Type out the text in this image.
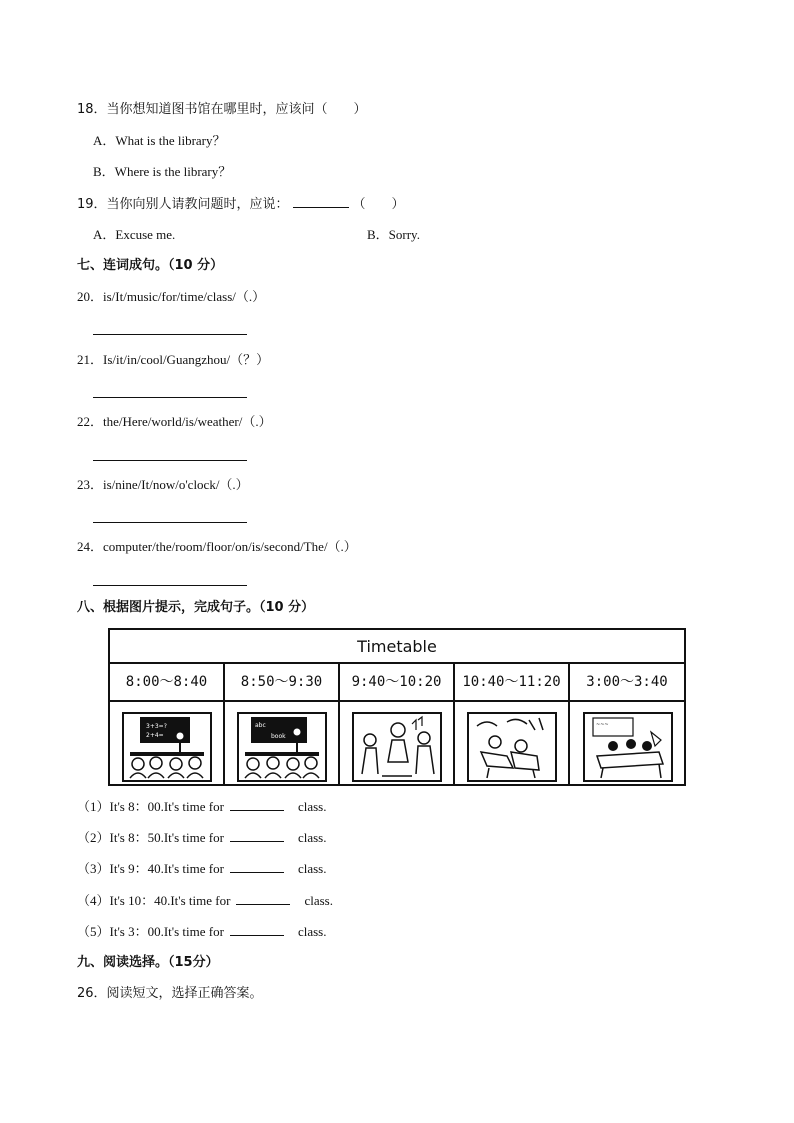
18．当你想知道图书馆在哪里时，应该问（　　）
A．What is the library？
B．Where is the library？
19．当你向别人请教问题时，应说：	（　　）
A．Excuse me.	B．Sorry.
七、连词成句。（10 分）
20．is/It/music/for/time/class/（.）
21．Is/it/in/cool/Guangzhou/（？）
22．the/Here/world/is/weather/（.）
23．is/nine/It/now/o'clock/（.）
24．computer/the/room/floor/on/is/second/The/（.）
八、根据图片提示，完成句子。（10 分）
Timetable
8:00～8:40	8:50～9:30	9:40～10:20	10:40～11:20	3:00～3:40
3+3=?
2+4=
abc
book
~~~
（1）It's 8：00.It's time for	class.
（2）It's 8：50.It's time for	class.
（3）It's 9：40.It's time for	class.
（4）It's 10：40.It's time for	class.
（5）It's 3：00.It's time for	class.
九、阅读选择。（15分）
26．阅读短文，选择正确答案。
